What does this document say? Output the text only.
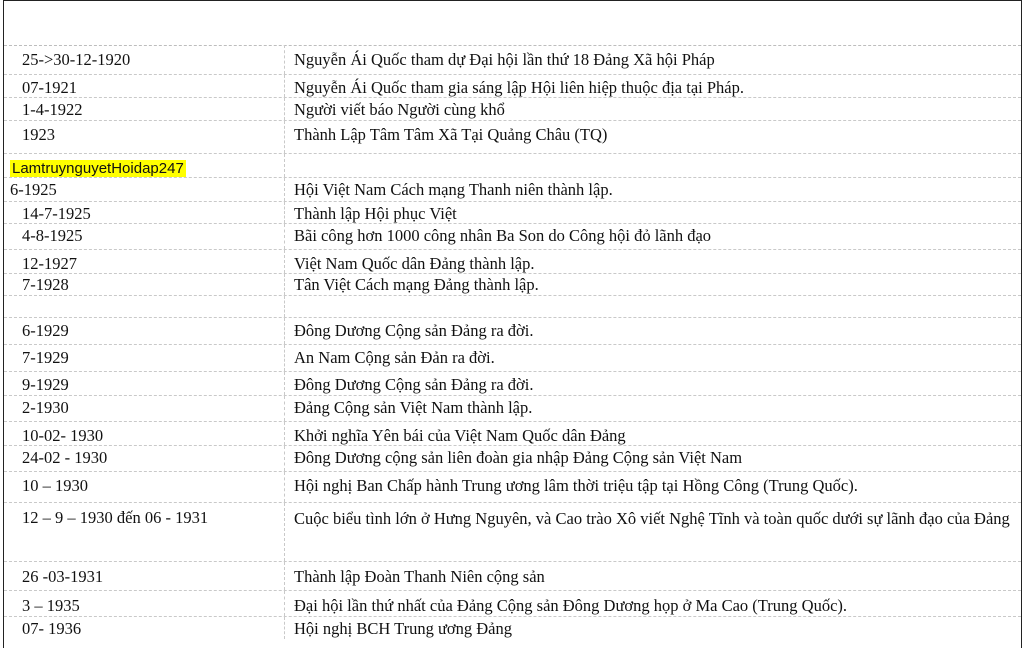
25->30-12-1920	Nguyễn Ái Quốc tham dự Đại hội lần thứ 18 Đảng Xã hội Pháp
07-1921	Nguyễn Ái Quốc tham gia sáng lập Hội liên hiệp thuộc địa tại Pháp.
1-4-1922	Người viết báo Người cùng khổ
1923	Thành Lập Tâm Tâm Xã Tại Quảng Châu (TQ)
LamtruynguyetHoidap247
6-1925	Hội Việt Nam Cách mạng Thanh niên thành lập.
14-7-1925	Thành lập Hội phục Việt
4-8-1925	Bãi công hơn 1000 công nhân Ba Son do Công hội đỏ lãnh đạo
12-1927	Việt Nam Quốc dân Đảng thành lập.
7-1928	Tân Việt Cách mạng Đảng thành lập.
6-1929	Đông Dương Cộng sản Đảng ra đời.
7-1929	An Nam Cộng sản Đản ra đời.
9-1929	Đông Dương Cộng sản Đảng ra đời.
2-1930	Đảng Cộng sản Việt Nam thành lập.
10-02- 1930	Khởi nghĩa Yên bái của Việt Nam Quốc dân Đảng
24-02 - 1930	Đông Dương cộng sản liên đoàn gia nhập Đảng Cộng sản Việt Nam
10 – 1930	Hội nghị Ban Chấp hành Trung ương lâm thời triệu tập tại Hồng Công (Trung Quốc).
12 – 9 – 1930 đến 06 - 1931	Cuộc biểu tình lớn ở Hưng Nguyên, và Cao trào Xô viết Nghệ Tĩnh và toàn quốc dưới sự lãnh đạo của Đảng
26 -03-1931	Thành lập Đoàn Thanh Niên cộng sản
3 – 1935	Đại hội lần thứ nhất của Đảng Cộng sản Đông Dương họp ở Ma Cao (Trung Quốc).
07- 1936	Hội nghị BCH Trung ương Đảng
